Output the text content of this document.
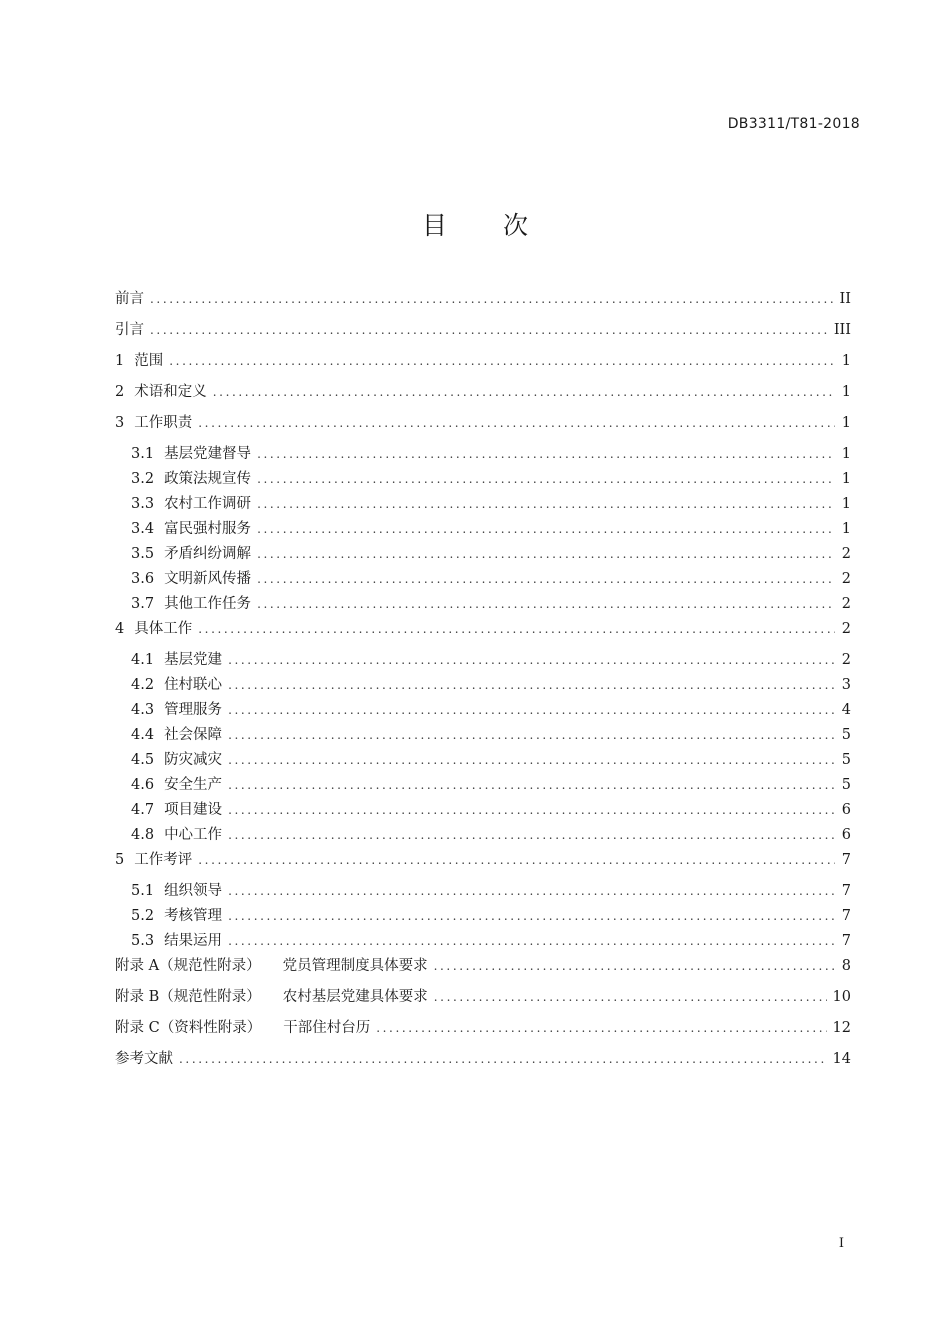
DB3311/T81-2018
目 次
前言 .....	II
引言 .....	III
1 范围 .....	1
2 术语和定义 .....	1
3 工作职责 .....	1
3.1 基层党建督导 .....	1
3.2 政策法规宣传 .....	1
3.3 农村工作调研 .....	1
3.4 富民强村服务 .....	1
3.5 矛盾纠纷调解 .....	2
3.6 文明新风传播 .....	2
3.7 其他工作任务 .....	2
4 具体工作 .....	2
4.1 基层党建 .....	2
4.2 住村联心 .....	3
4.3 管理服务 .....	4
4.4 社会保障 .....	5
4.5 防灾减灾 .....	5
4.6 安全生产 .....	5
4.7 项目建设 .....	6
4.8 中心工作 .....	6
5 工作考评 .....	7
5.1 组织领导 .....	7
5.2 考核管理 .....	7
5.3 结果运用 .....	7
附录 A（规范性附录） 党员管理制度具体要求 .....	8
附录 B（规范性附录） 农村基层党建具体要求 .....	10
附录 C（资料性附录） 干部住村台历 .....	12
参考文献 .....	14
I
